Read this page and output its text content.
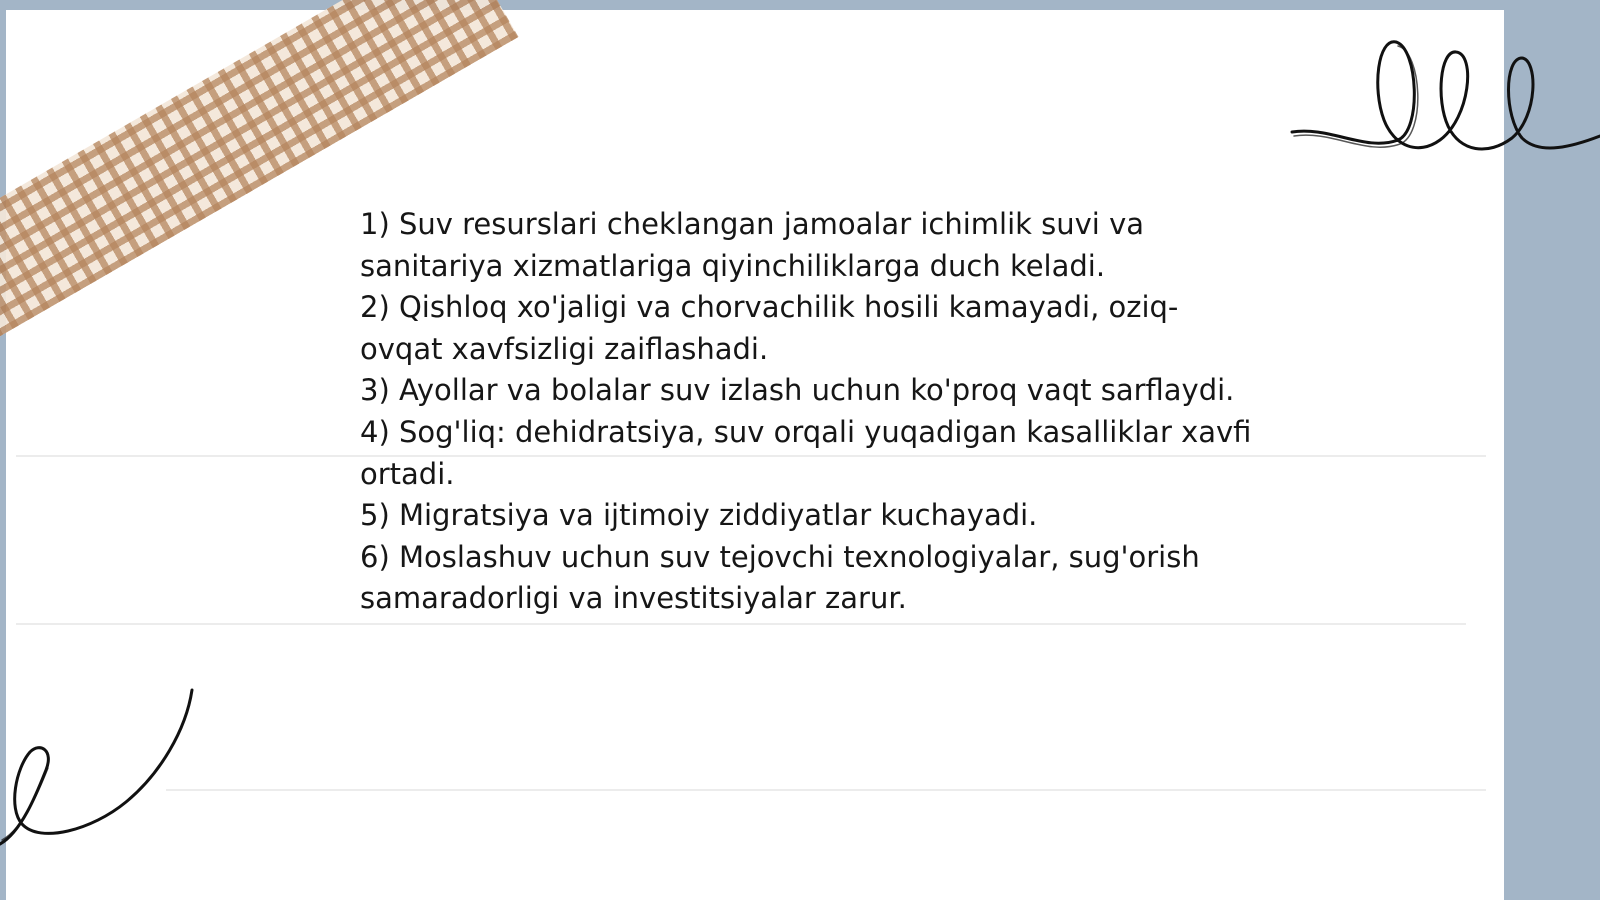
1) Suv resurslari cheklangan jamoalar ichimlik suvi va sanitariya xizmatlariga qiyinchiliklarga duch keladi.

2) Qishloq xo'jaligi va chorvachilik hosili kamayadi, oziq-ovqat xavfsizligi zaiflashadi.

3) Ayollar va bolalar suv izlash uchun ko'proq vaqt sarflaydi.

4) Sog'liq: dehidratsiya, suv orqali yuqadigan kasalliklar xavfi ortadi.

5) Migratsiya va ijtimoiy ziddiyatlar kuchayadi.

6) Moslashuv uchun suv tejovchi texnologiyalar, sug'orish samaradorligi va investitsiyalar zarur.
